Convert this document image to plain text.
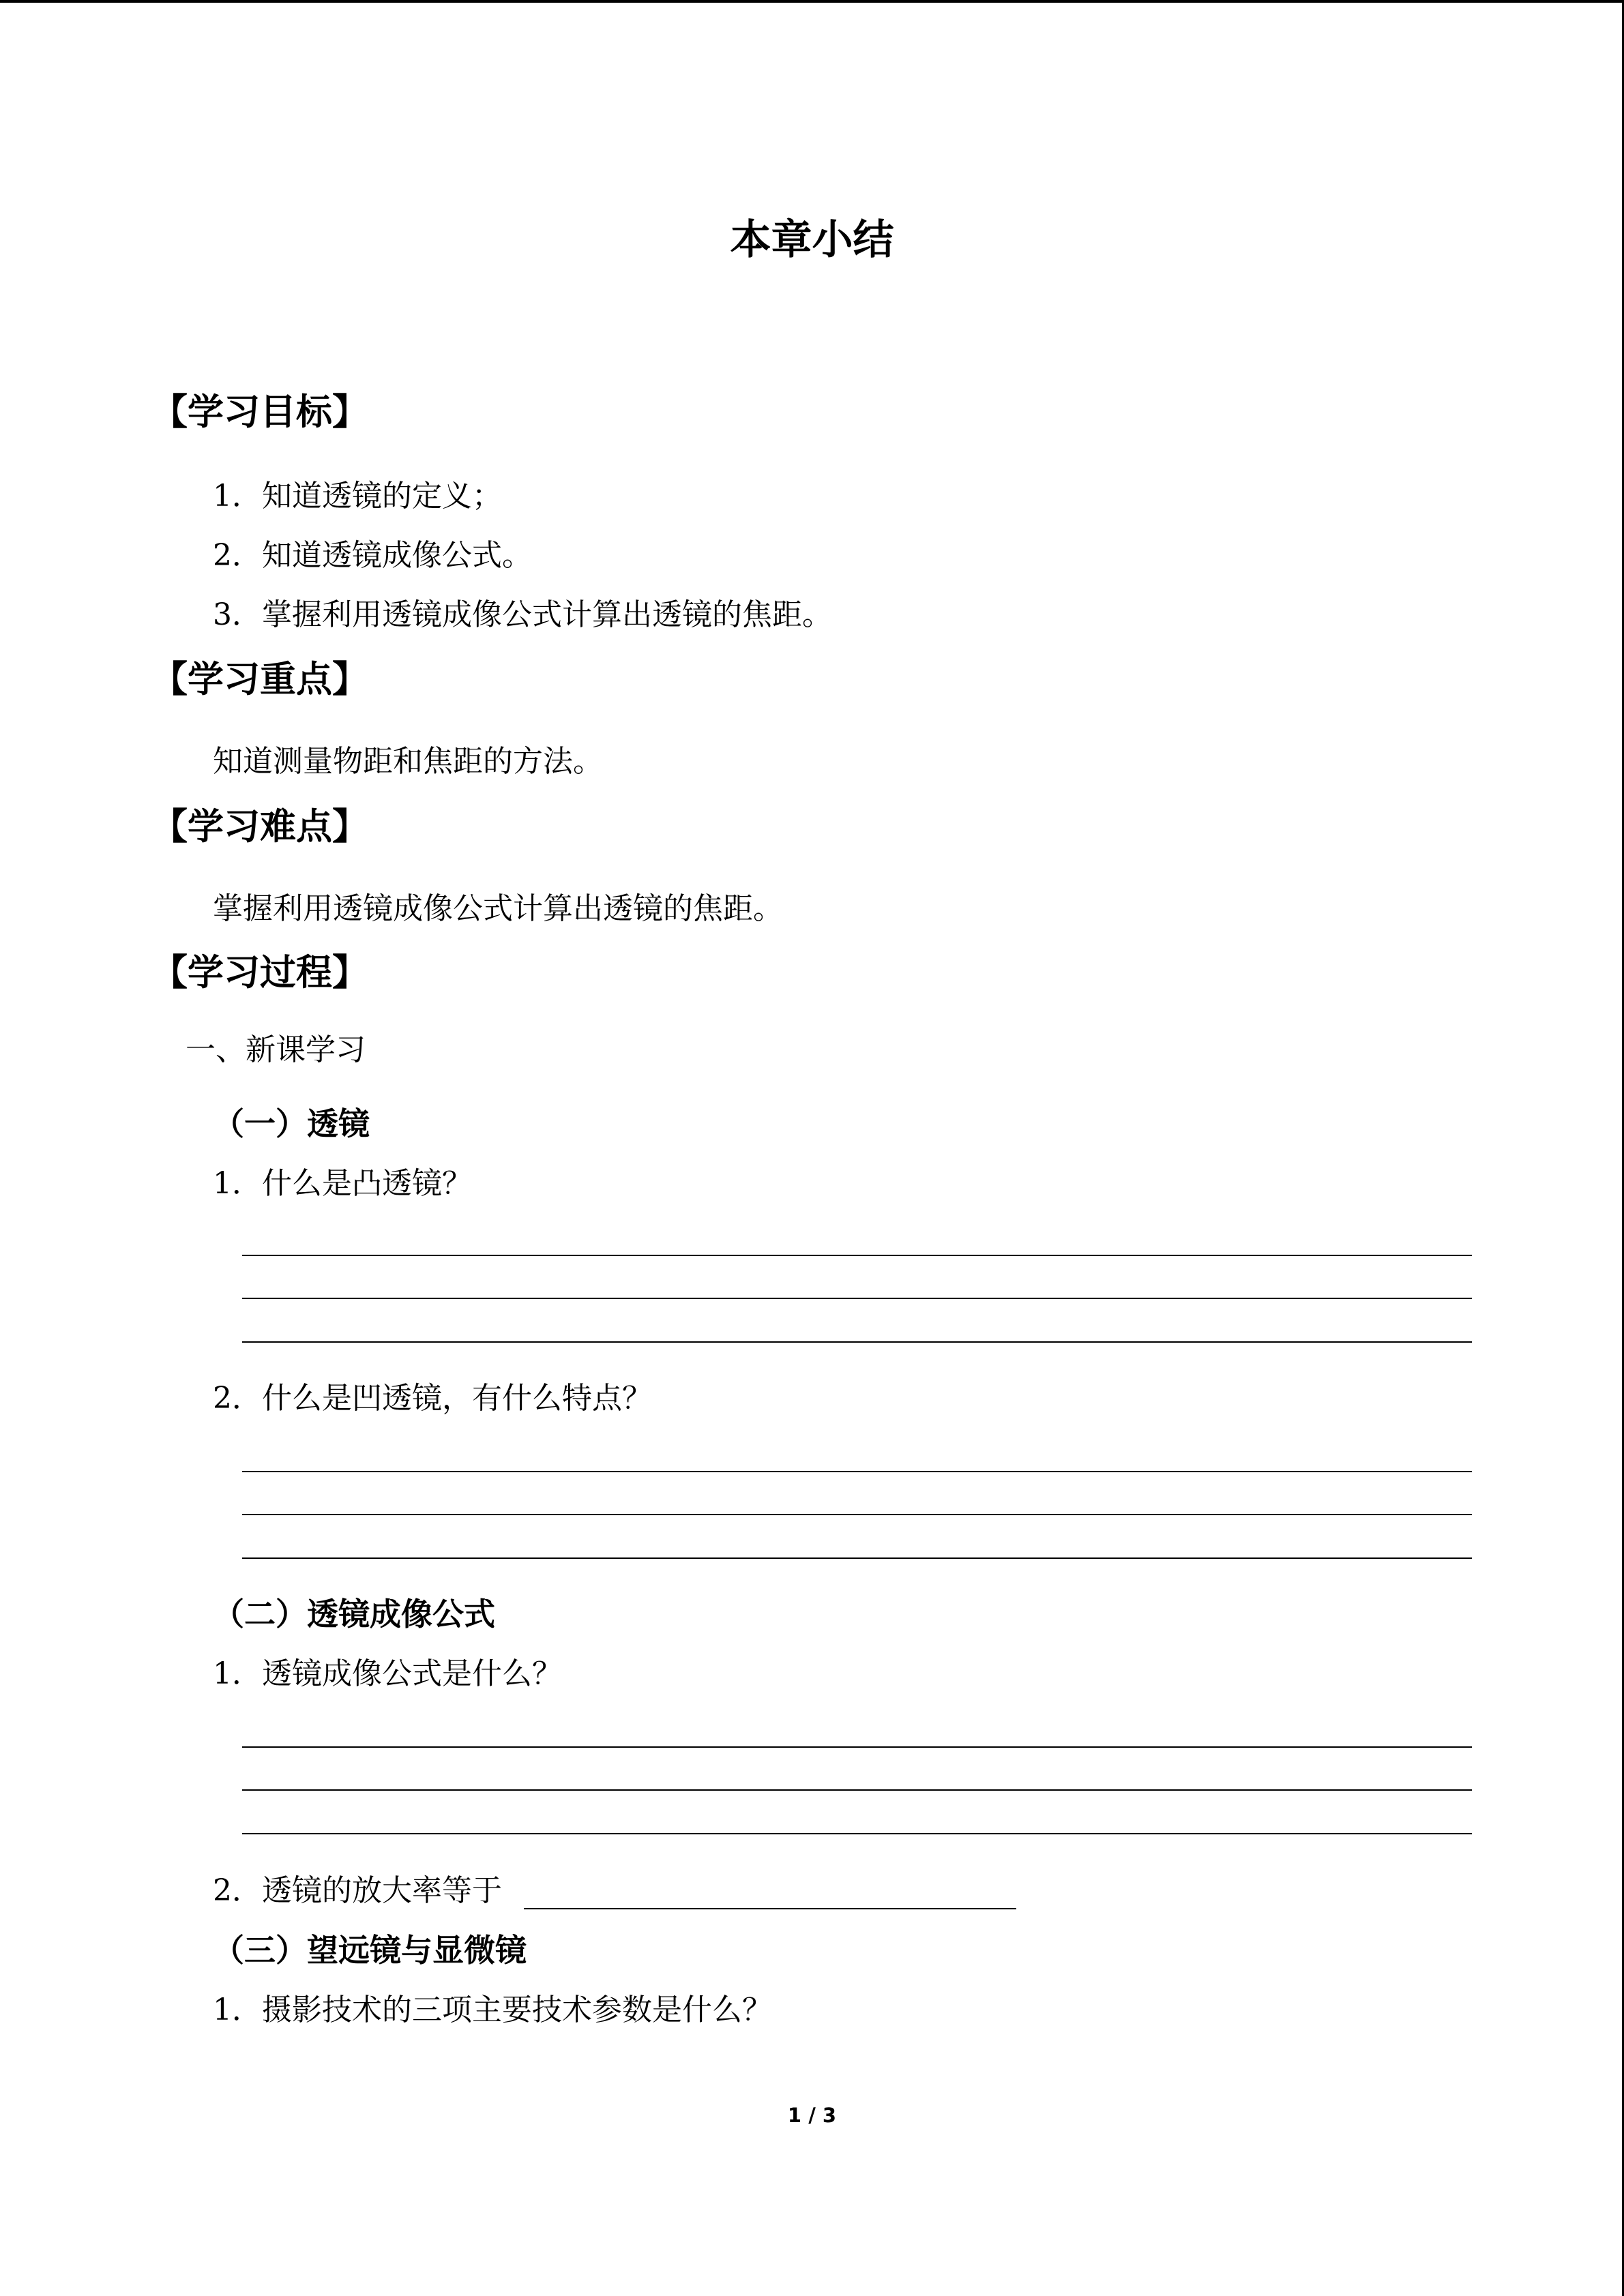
本章小结
【学习目标】
1．知道透镜的定义；
2．知道透镜成像公式。
3．掌握利用透镜成像公式计算出透镜的焦距。
【学习重点】
知道测量物距和焦距的方法。
【学习难点】
掌握利用透镜成像公式计算出透镜的焦距。
【学习过程】
一、新课学习
（一）透镜
1．什么是凸透镜？
2．什么是凹透镜，有什么特点？
（二）透镜成像公式
1．透镜成像公式是什么？
2．透镜的放大率等于
（三）望远镜与显微镜
1．摄影技术的三项主要技术参数是什么？
1 / 3
